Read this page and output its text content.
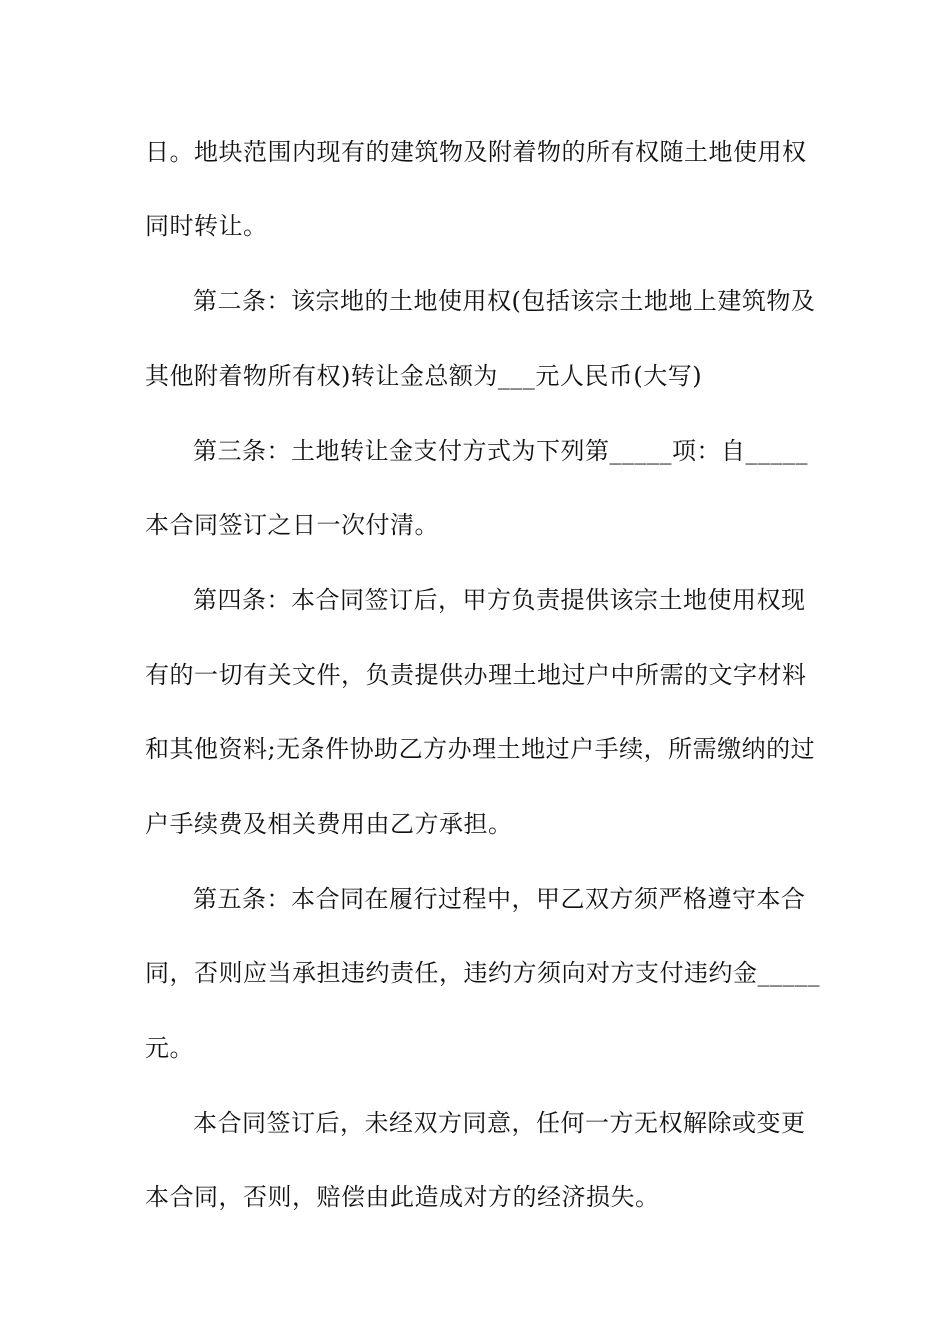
日。地块范围内现有的建筑物及附着物的所有权随土地使用权
同时转让。
第二条：该宗地的土地使用权(包括该宗土地地上建筑物及
其他附着物所有权)转让金总额为___元人民币(大写)
第三条：土地转让金支付方式为下列第_____项：自_____
本合同签订之日一次付清。
第四条：本合同签订后，甲方负责提供该宗土地使用权现
有的一切有关文件，负责提供办理土地过户中所需的文字材料
和其他资料;无条件协助乙方办理土地过户手续，所需缴纳的过
户手续费及相关费用由乙方承担。
第五条：本合同在履行过程中，甲乙双方须严格遵守本合
同，否则应当承担违约责任，违约方须向对方支付违约金_____
元。
本合同签订后，未经双方同意，任何一方无权解除或变更
本合同，否则，赔偿由此造成对方的经济损失。
